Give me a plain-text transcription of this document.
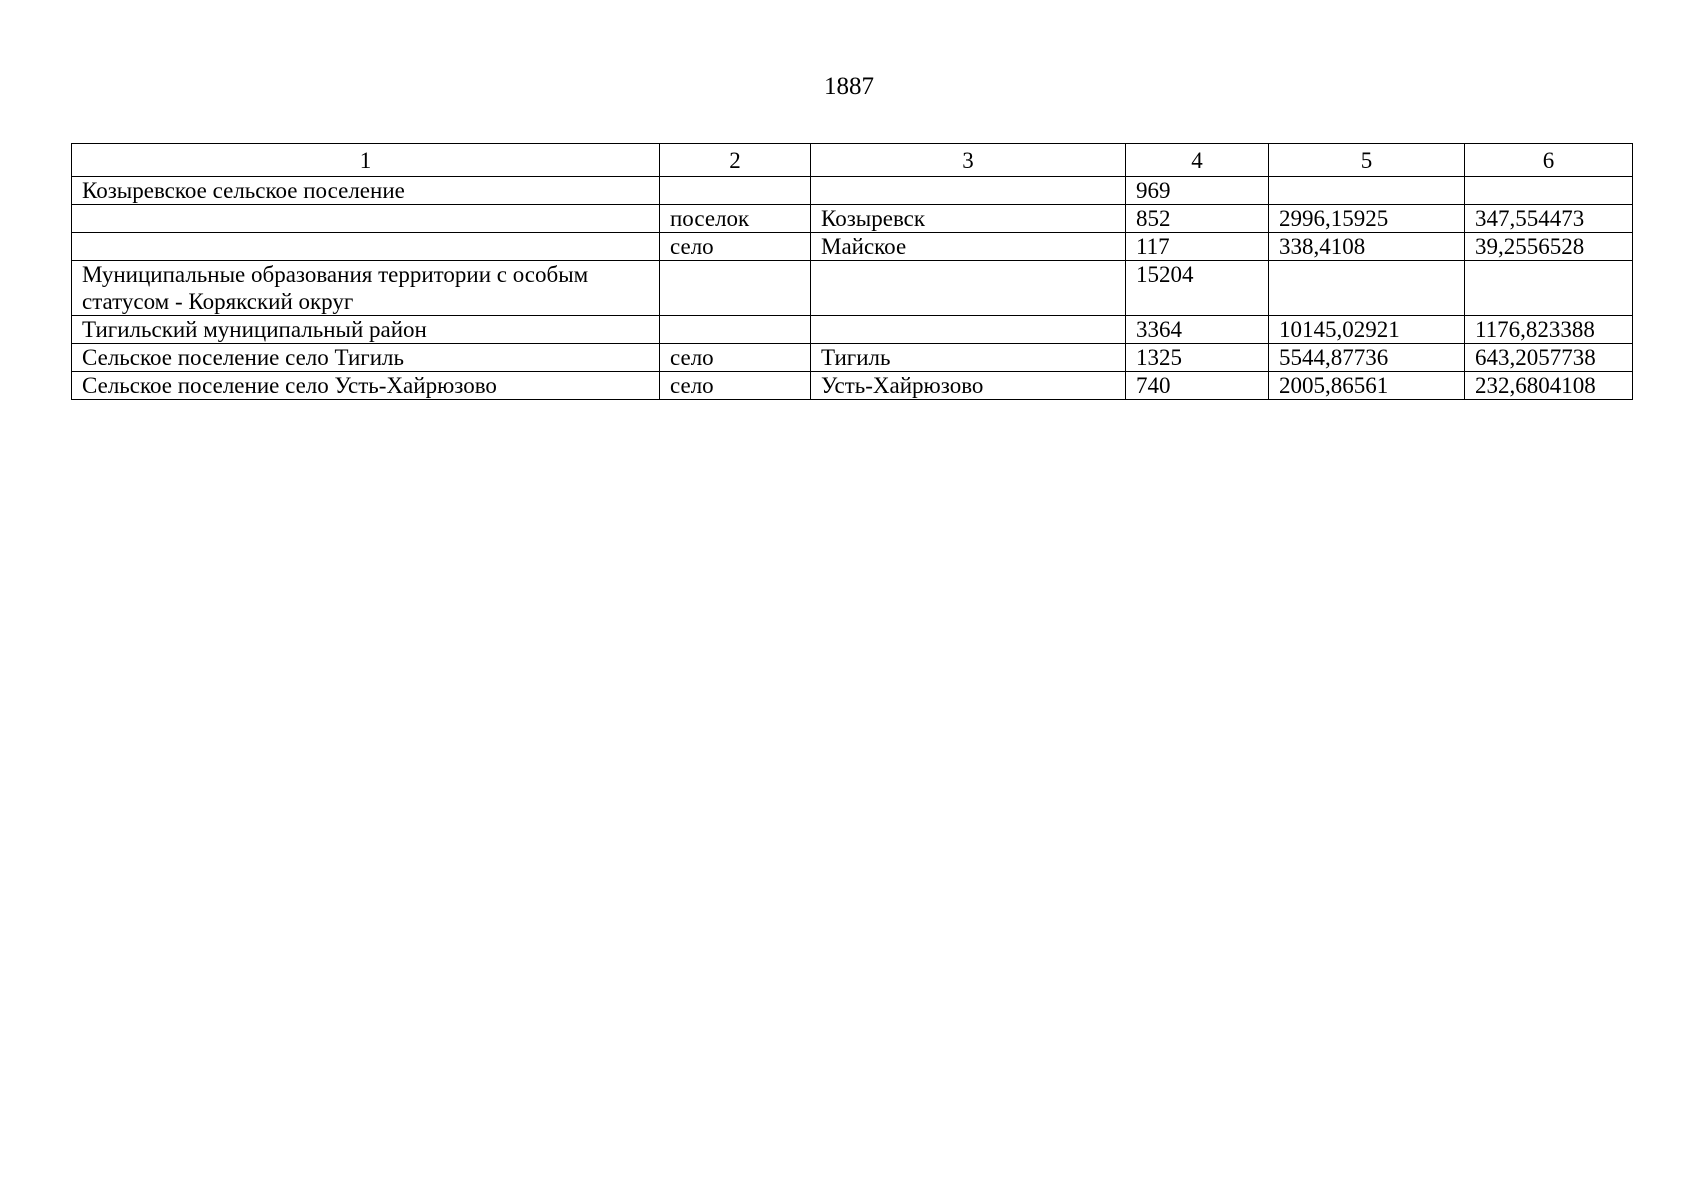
1887
1	2	3	4	5	6
Козыревское сельское поселение			969		
	поселок	Козыревск	852	2996,15925	347,554473
	село	Майское	117	338,4108	39,2556528
Муниципальные образования территории с особым статусом - Корякский округ			15204		
Тигильский муниципальный район			3364	10145,02921	1176,823388
Сельское поселение село Тигиль	село	Тигиль	1325	5544,87736	643,2057738
Сельское поселение село Усть-Хайрюзово	село	Усть-Хайрюзово	740	2005,86561	232,6804108
